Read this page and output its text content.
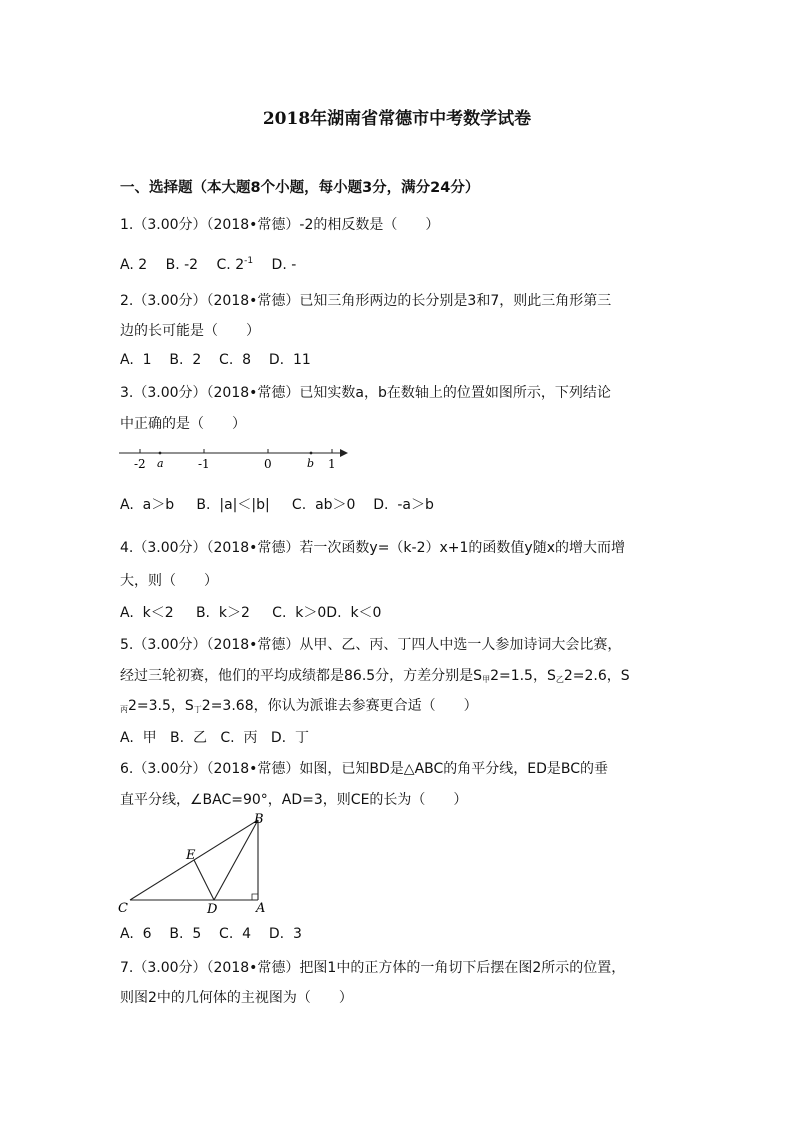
2018年湖南省常德市中考数学试卷
一、选择题（本大题8个小题，每小题3分，满分24分）
1.（3.00分）（2018•常德）-2的相反数是（　　）
A. 2 B. -2 C. $2^{-1}$ D. -
2.（3.00分）（2018•常德）已知三角形两边的长分别是3和7，则此三角形第三
边的长可能是（　　）
A.  1    B.  2    C.  8    D.  11
3.（3.00分）（2018•常德）已知实数a，b在数轴上的位置如图所示，下列结论
中正确的是（　　）
-2 a	-1	0	b 1
A.  a＞b     B.  |a|＜|b|     C.  ab＞0    D.  -a＞b
4.（3.00分）（2018•常德）若一次函数y=（k-2）x+1的函数值y随x的增大而增
大，则（　　）
A.  k＜2     B.  k＞2     C.  k＞0D.  k＜0
5.（3.00分）（2018•常德）从甲、乙、丙、丁四人中选一人参加诗词大会比赛，
经过三轮初赛，他们的平均成绩都是86.5分，方差分别是$S_甲2=1.5$，$S_乙2=2.6$，S
$_丙$2=3.5，$S_丁2=3.68$，你认为派谁去参赛更合适（　　）
A.  甲   B.  乙   C.  丙   D.  丁
6.（3.00分）（2018•常德）如图，已知BD是△ABC的角平分线，ED是BC的垂
直平分线，∠BAC=90°，AD=3，则CE的长为（　　）
B
E
C	D	A
A.  6    B.  5    C.  4    D.  3
7.（3.00分）（2018•常德）把图1中的正方体的一角切下后摆在图2所示的位置，
则图2中的几何体的主视图为（　　）
